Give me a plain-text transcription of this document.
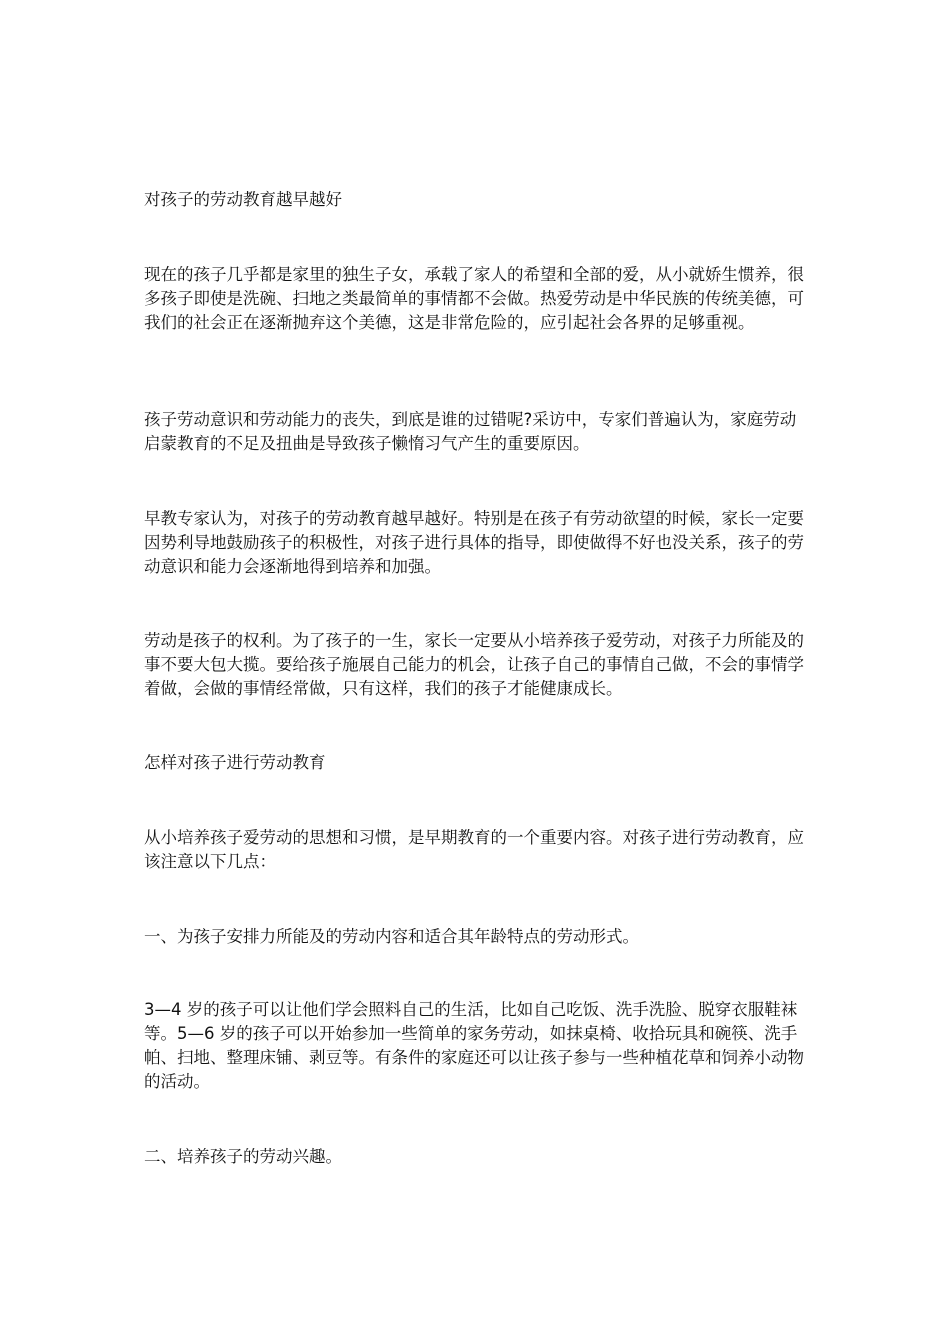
对孩子的劳动教育越早越好

现在的孩子几乎都是家里的独生子女，承载了家人的希望和全部的爱，从小就娇生惯养，很多孩子即使是洗碗、扫地之类最简单的事情都不会做。热爱劳动是中华民族的传统美德，可我们的社会正在逐渐抛弃这个美德，这是非常危险的，应引起社会各界的足够重视。

孩子劳动意识和劳动能力的丧失，到底是谁的过错呢?采访中，专家们普遍认为，家庭劳动启蒙教育的不足及扭曲是导致孩子懒惰习气产生的重要原因。

早教专家认为，对孩子的劳动教育越早越好。特别是在孩子有劳动欲望的时候，家长一定要因势利导地鼓励孩子的积极性，对孩子进行具体的指导，即使做得不好也没关系，孩子的劳动意识和能力会逐渐地得到培养和加强。

劳动是孩子的权利。为了孩子的一生，家长一定要从小培养孩子爱劳动，对孩子力所能及的事不要大包大揽。要给孩子施展自己能力的机会，让孩子自己的事情自己做，不会的事情学着做，会做的事情经常做，只有这样，我们的孩子才能健康成长。

怎样对孩子进行劳动教育

从小培养孩子爱劳动的思想和习惯，是早期教育的一个重要内容。对孩子进行劳动教育，应该注意以下几点：

一、为孩子安排力所能及的劳动内容和适合其年龄特点的劳动形式。

3—4 岁的孩子可以让他们学会照料自己的生活，比如自己吃饭、洗手洗脸、脱穿衣服鞋袜等。5—6 岁的孩子可以开始参加一些简单的家务劳动，如抹桌椅、收拾玩具和碗筷、洗手帕、扫地、整理床铺、剥豆等。有条件的家庭还可以让孩子参与一些种植花草和饲养小动物的活动。

二、培养孩子的劳动兴趣。
